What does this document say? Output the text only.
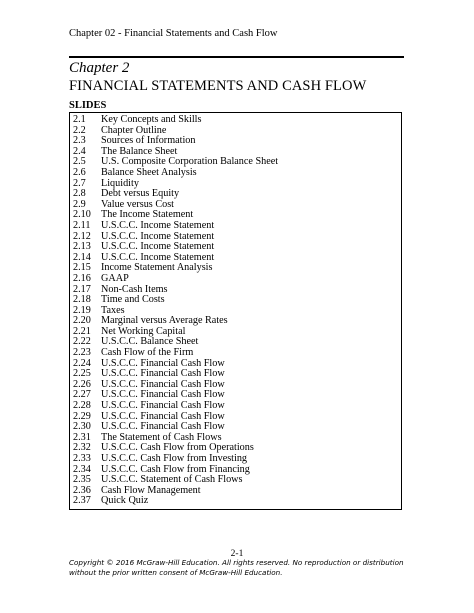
Chapter 02 - Financial Statements and Cash Flow
Chapter 2
FINANCIAL STATEMENTS AND CASH FLOW
SLIDES
2.1	Key Concepts and Skills
2.2	Chapter Outline
2.3	Sources of Information
2.4	The Balance Sheet
2.5	U.S. Composite Corporation Balance Sheet
2.6	Balance Sheet Analysis
2.7	Liquidity
2.8	Debt versus Equity
2.9	Value versus Cost
2.10 The Income Statement
2.11	U.S.C.C. Income Statement
2.12 U.S.C.C. Income Statement
2.13 U.S.C.C. Income Statement
2.14 U.S.C.C. Income Statement
2.15 Income Statement Analysis
2.16 GAAP
2.17 Non-Cash Items
2.18 Time and Costs
2.19 Taxes
2.20 Marginal versus Average Rates
2.21 Net Working Capital
2.22 U.S.C.C. Balance Sheet
2.23 Cash Flow of the Firm
2.24 U.S.C.C. Financial Cash Flow
2.25 U.S.C.C. Financial Cash Flow
2.26 U.S.C.C. Financial Cash Flow
2.27 U.S.C.C. Financial Cash Flow
2.28 U.S.C.C. Financial Cash Flow
2.29 U.S.C.C. Financial Cash Flow
2.30 U.S.C.C. Financial Cash Flow
2.31 The Statement of Cash Flows
2.32 U.S.C.C. Cash Flow from Operations
2.33 U.S.C.C. Cash Flow from Investing
2.34 U.S.C.C. Cash Flow from Financing
2.35 U.S.C.C. Statement of Cash Flows
2.36 Cash Flow Management
2.37 Quick Quiz
2-1
Copyright © 2016 McGraw-Hill Education. All rights reserved. No reproduction or distribution without the prior written consent of McGraw-Hill Education.
